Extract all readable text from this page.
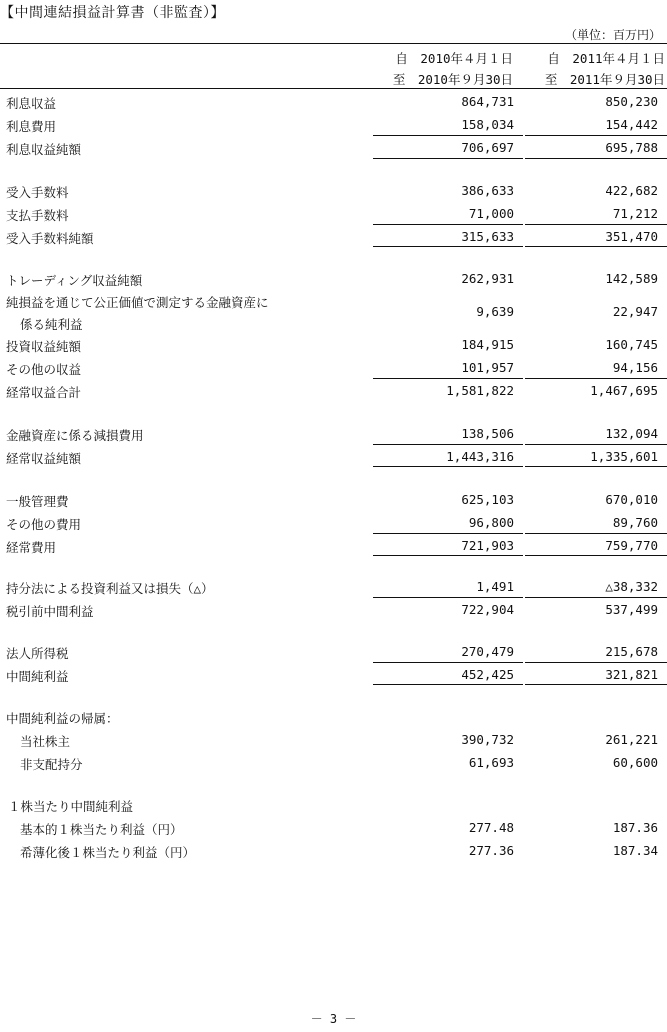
【中間連結損益計算書（非監査）】
（単位：百万円）
自　2010年４月１日
至　2010年９月30日
自　2011年４月１日
至　2011年９月30日
利息収益	864,731	850,230
利息費用	158,034	154,442
利息収益純額	706,697	695,788
受入手数料	386,633	422,682
支払手数料	71,000	71,212
受入手数料純額	315,633	351,470
トレーディング収益純額	262,931	142,589
純損益を通じて公正価値で測定する金融資産に
係る純利益
9,639	22,947
投資収益純額	184,915	160,745
その他の収益	101,957	94,156
経常収益合計	1,581,822	1,467,695
金融資産に係る減損費用	138,506	132,094
経常収益純額	1,443,316	1,335,601
一般管理費	625,103	670,010
その他の費用	96,800	89,760
経常費用	721,903	759,770
持分法による投資利益又は損失（△）	1,491	△38,332
税引前中間利益	722,904	537,499
法人所得税	270,479	215,678
中間純利益	452,425	321,821
中間純利益の帰属：
当社株主	390,732	261,221
非支配持分	61,693	60,600
１株当たり中間純利益
基本的１株当たり利益（円）	277.48	187.36
希薄化後１株当たり利益（円）	277.36	187.34
－ 3 －
